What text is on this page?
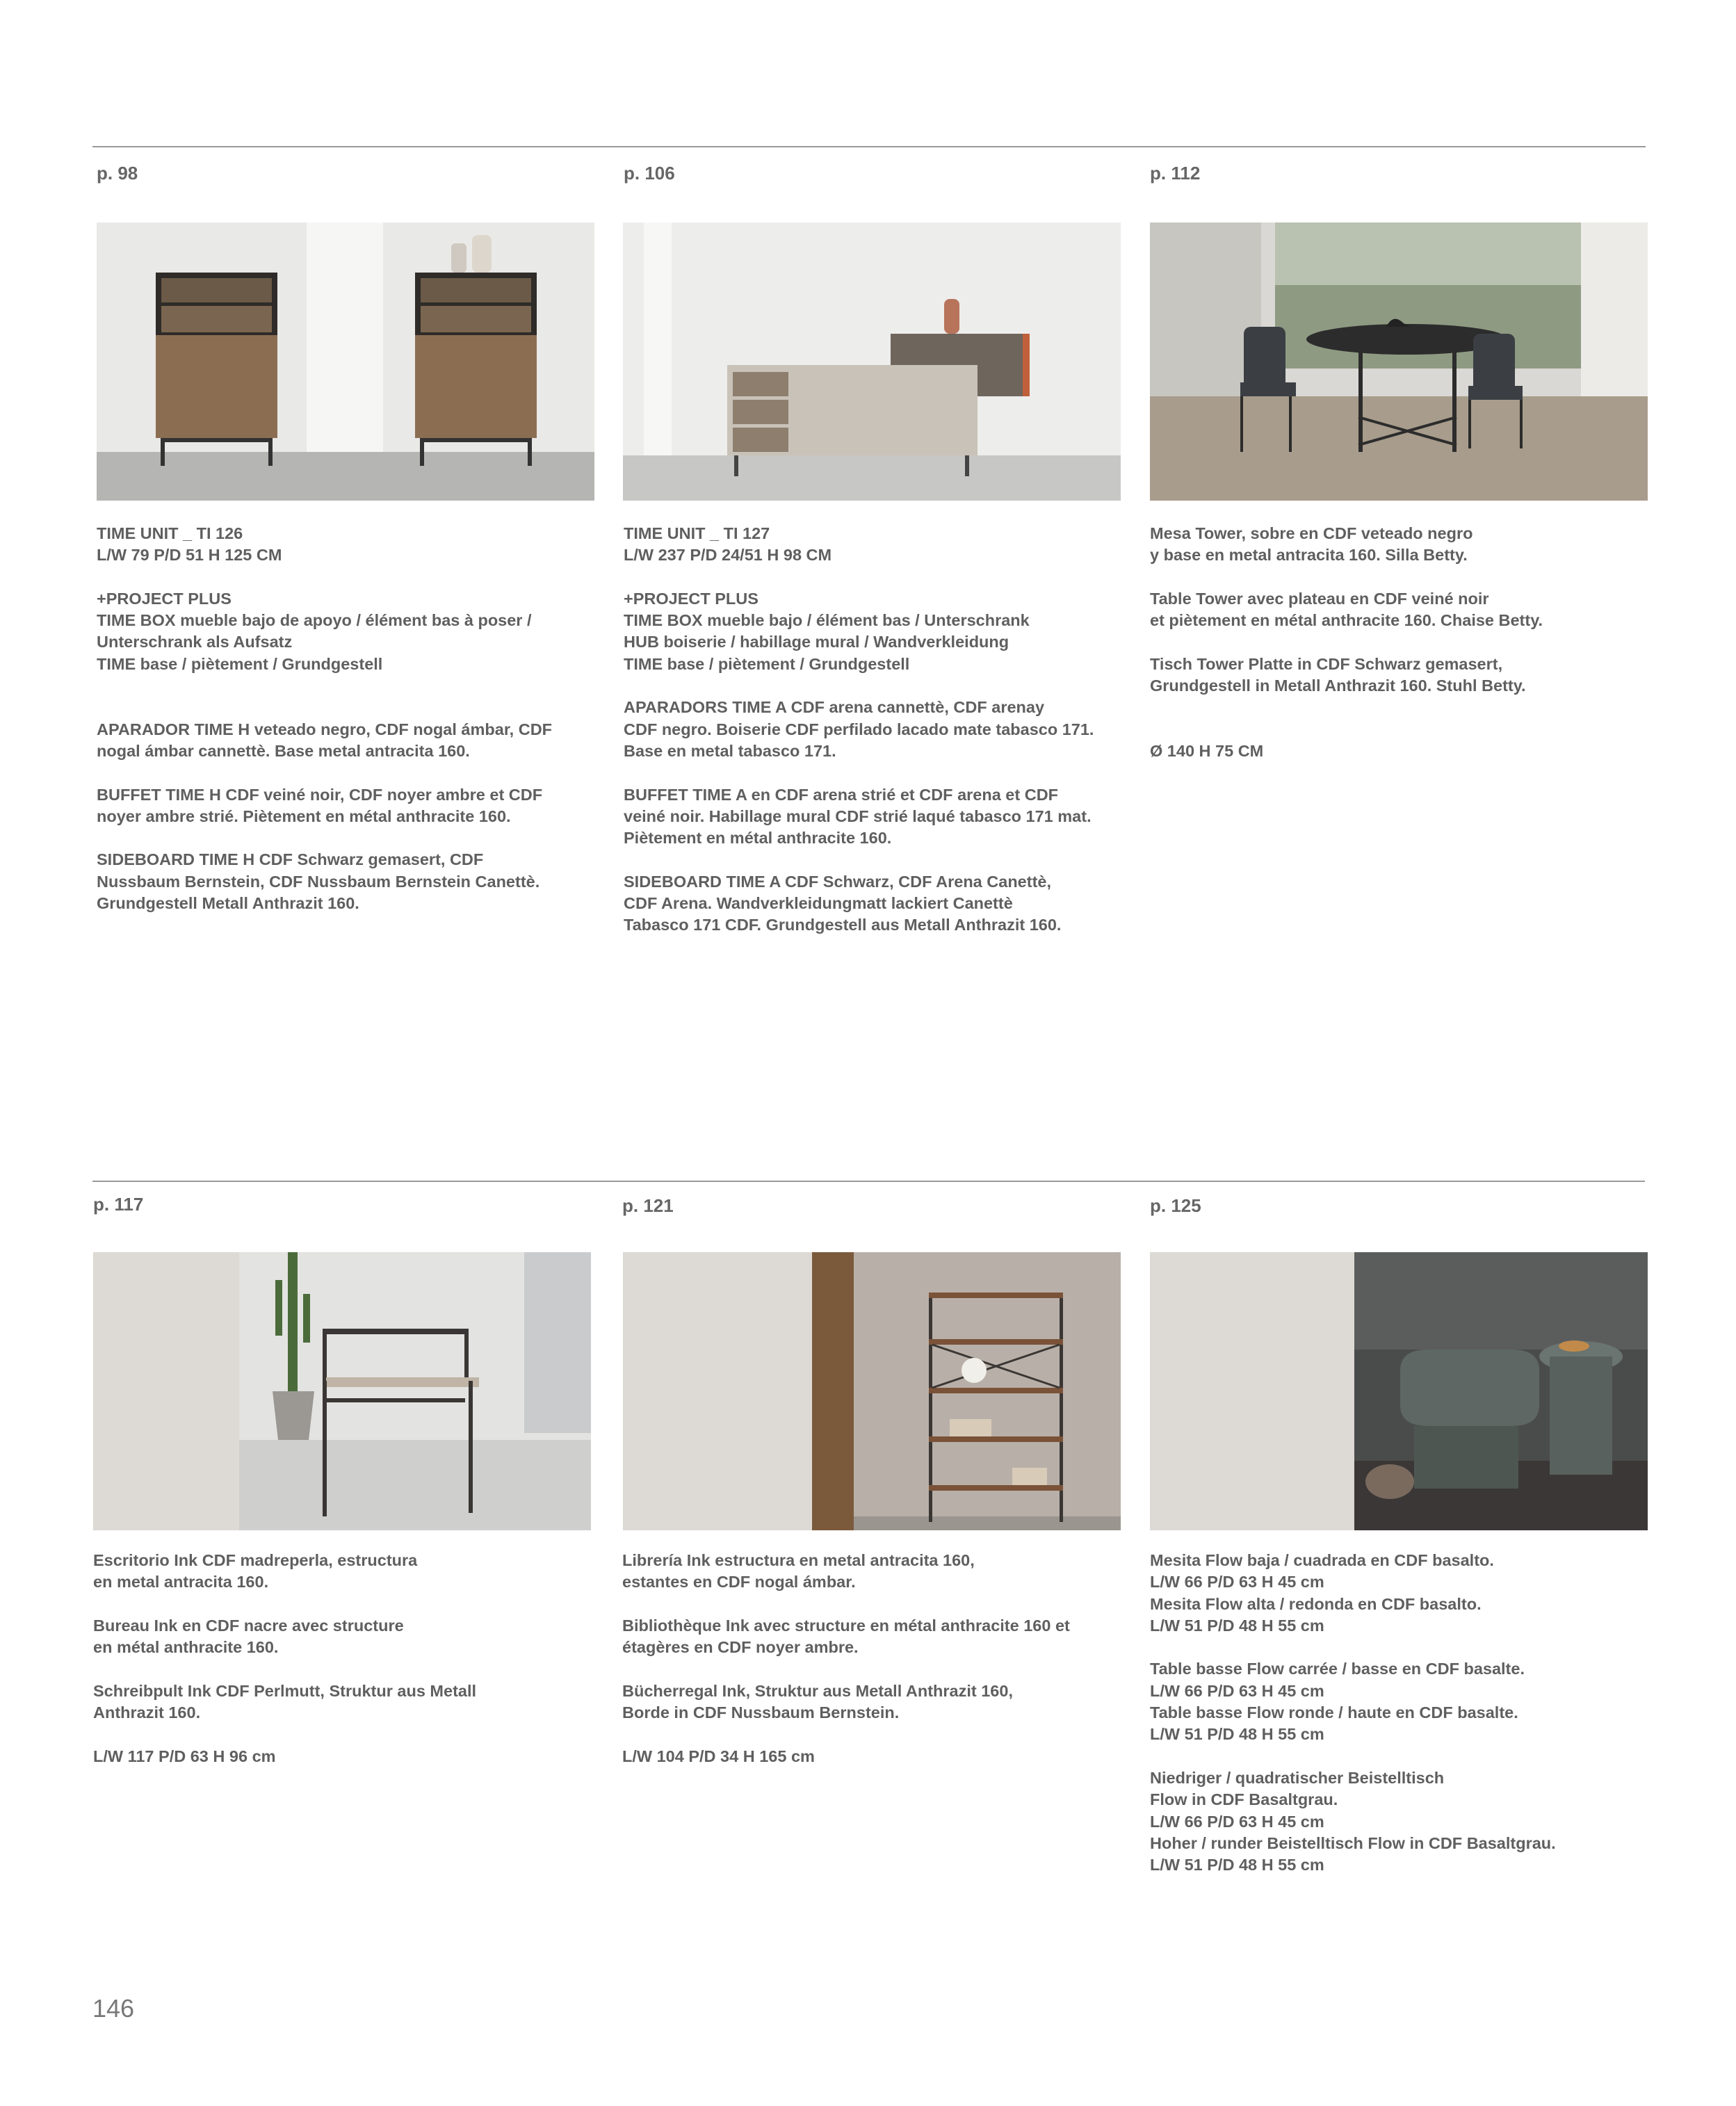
p. 98	p. 106	p. 112
TIME UNIT _ TI 126
L/W 79 P/D 51 H 125 CM

+PROJECT PLUS
TIME BOX mueble bajo de apoyo / élément bas à poser /
Unterschrank als Aufsatz
TIME base / piètement / Grundgestell

APARADOR TIME H veteado negro, CDF nogal ámbar, CDF
nogal ámbar cannettè. Base metal antracita 160.

BUFFET TIME H CDF veiné noir, CDF noyer ambre et CDF
noyer ambre strié. Piètement en métal anthracite 160.

SIDEBOARD TIME H CDF Schwarz gemasert, CDF
Nussbaum Bernstein, CDF Nussbaum Bernstein Canettè.
Grundgestell Metall Anthrazit 160.
TIME UNIT _ TI 127
L/W 237 P/D 24/51 H 98 CM

+PROJECT PLUS
TIME BOX mueble bajo / élément bas / Unterschrank
HUB boiserie / habillage mural / Wandverkleidung
TIME base / piètement / Grundgestell

APARADORS TIME A CDF arena cannettè, CDF arenay
CDF negro. Boiserie CDF perfilado lacado mate tabasco 171.
Base en metal tabasco 171.

BUFFET TIME A en CDF arena strié et CDF arena et CDF
veiné noir. Habillage mural CDF strié laqué tabasco 171 mat.
Piètement en métal anthracite 160.

SIDEBOARD TIME A CDF Schwarz, CDF Arena Canettè,
CDF Arena. Wandverkleidungmatt lackiert Canettè
Tabasco 171 CDF. Grundgestell aus Metall Anthrazit 160.
Mesa Tower, sobre en CDF veteado negro
y base en metal antracita 160. Silla Betty.

Table Tower avec plateau en CDF veiné noir
et piètement en métal anthracite 160. Chaise Betty.

Tisch Tower Platte in CDF Schwarz gemasert,
Grundgestell in Metall Anthrazit 160. Stuhl Betty.

Ø 140 H 75 CM
p. 117	p. 121	p. 125
Escritorio Ink CDF madreperla, estructura
en metal antracita 160.

Bureau Ink en CDF nacre avec structure
en métal anthracite 160.

Schreibpult Ink CDF Perlmutt, Struktur aus Metall
Anthrazit 160.

L/W 117 P/D 63 H 96 cm
Librería Ink estructura en metal antracita 160,
estantes en CDF nogal ámbar.

Bibliothèque Ink avec structure en métal anthracite 160 et
étagères en CDF noyer ambre.

Bücherregal Ink, Struktur aus Metall Anthrazit 160,
Borde in CDF Nussbaum Bernstein.

L/W 104 P/D 34 H 165 cm
Mesita Flow baja / cuadrada en CDF basalto.
L/W 66 P/D 63 H 45 cm
Mesita Flow alta / redonda en CDF basalto.
L/W 51 P/D 48 H 55 cm

Table basse Flow carrée / basse en CDF basalte.
L/W 66 P/D 63 H 45 cm
Table basse Flow ronde / haute en CDF basalte.
L/W 51 P/D 48 H 55 cm

Niedriger / quadratischer Beistelltisch
Flow in CDF Basaltgrau.
L/W 66 P/D 63 H 45 cm
Hoher / runder Beistelltisch Flow in CDF Basaltgrau.
L/W 51 P/D 48 H 55 cm
146
